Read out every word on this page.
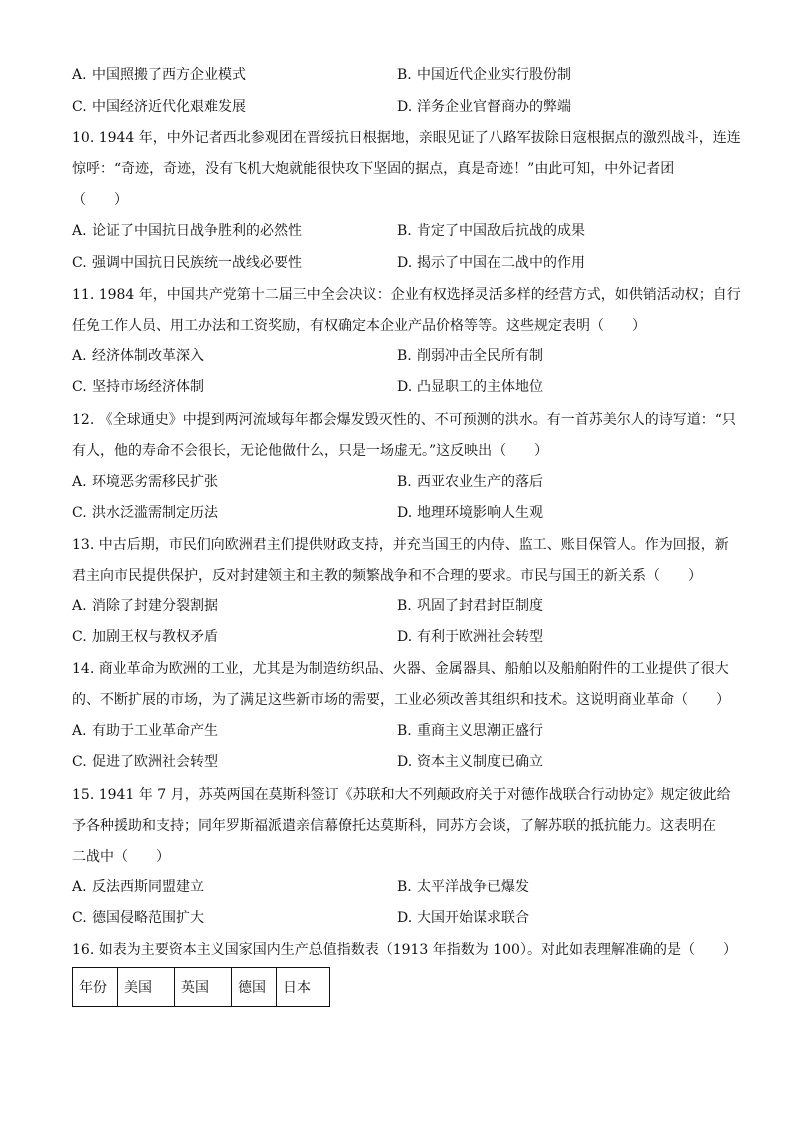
A. 中国照搬了西方企业模式	B. 中国近代企业实行股份制
C. 中国经济近代化艰难发展	D. 洋务企业官督商办的弊端
10. 1944 年，中外记者西北参观团在晋绥抗日根据地，亲眼见证了八路军拔除日寇根据点的激烈战斗，连连
惊呼：“奇迹，奇迹，没有飞机大炮就能很快攻下坚固的据点，真是奇迹！”由此可知，中外记者团
（　　）
A. 论证了中国抗日战争胜利的必然性	B. 肯定了中国敌后抗战的成果
C. 强调中国抗日民族统一战线必要性	D. 揭示了中国在二战中的作用
11. 1984 年，中国共产党第十二届三中全会决议：企业有权选择灵活多样的经营方式，如供销活动权；自行
任免工作人员、用工办法和工资奖励，有权确定本企业产品价格等等。这些规定表明（　　）
A. 经济体制改革深入	B. 削弱冲击全民所有制
C. 坚持市场经济体制	D. 凸显职工的主体地位
12. 《全球通史》中提到两河流域每年都会爆发毁灭性的、不可预测的洪水。有一首苏美尔人的诗写道：“只
有人，他的寿命不会很长，无论他做什么，只是一场虚无。”这反映出（　　）
A. 环境恶劣需移民扩张	B. 西亚农业生产的落后
C. 洪水泛滥需制定历法	D. 地理环境影响人生观
13. 中古后期，市民们向欧洲君主们提供财政支持，并充当国王的内侍、监工、账目保管人。作为回报，新
君主向市民提供保护，反对封建领主和主教的频繁战争和不合理的要求。市民与国王的新关系（　　）
A. 消除了封建分裂割据	B. 巩固了封君封臣制度
C. 加剧王权与教权矛盾	D. 有利于欧洲社会转型
14. 商业革命为欧洲的工业，尤其是为制造纺织品、火器、金属器具、船舶以及船舶附件的工业提供了很大
的、不断扩展的市场，为了满足这些新市场的需要，工业必须改善其组织和技术。这说明商业革命（　　）
A. 有助于工业革命产生	B. 重商主义思潮正盛行
C. 促进了欧洲社会转型	D. 资本主义制度已确立
15. 1941 年 7 月，苏英两国在莫斯科签订《苏联和大不列颠政府关于对德作战联合行动协定》规定彼此给
予各种援助和支持；同年罗斯福派遣亲信幕僚托达莫斯科，同苏方会谈，了解苏联的抵抗能力。这表明在
二战中（　　）
A. 反法西斯同盟建立	B. 太平洋战争已爆发
C. 德国侵略范围扩大	D. 大国开始谋求联合
16. 如表为主要资本主义国家国内生产总值指数表（1913 年指数为 100）。对此如表理解准确的是（　　）
年份	美国	英国	德国	日本
